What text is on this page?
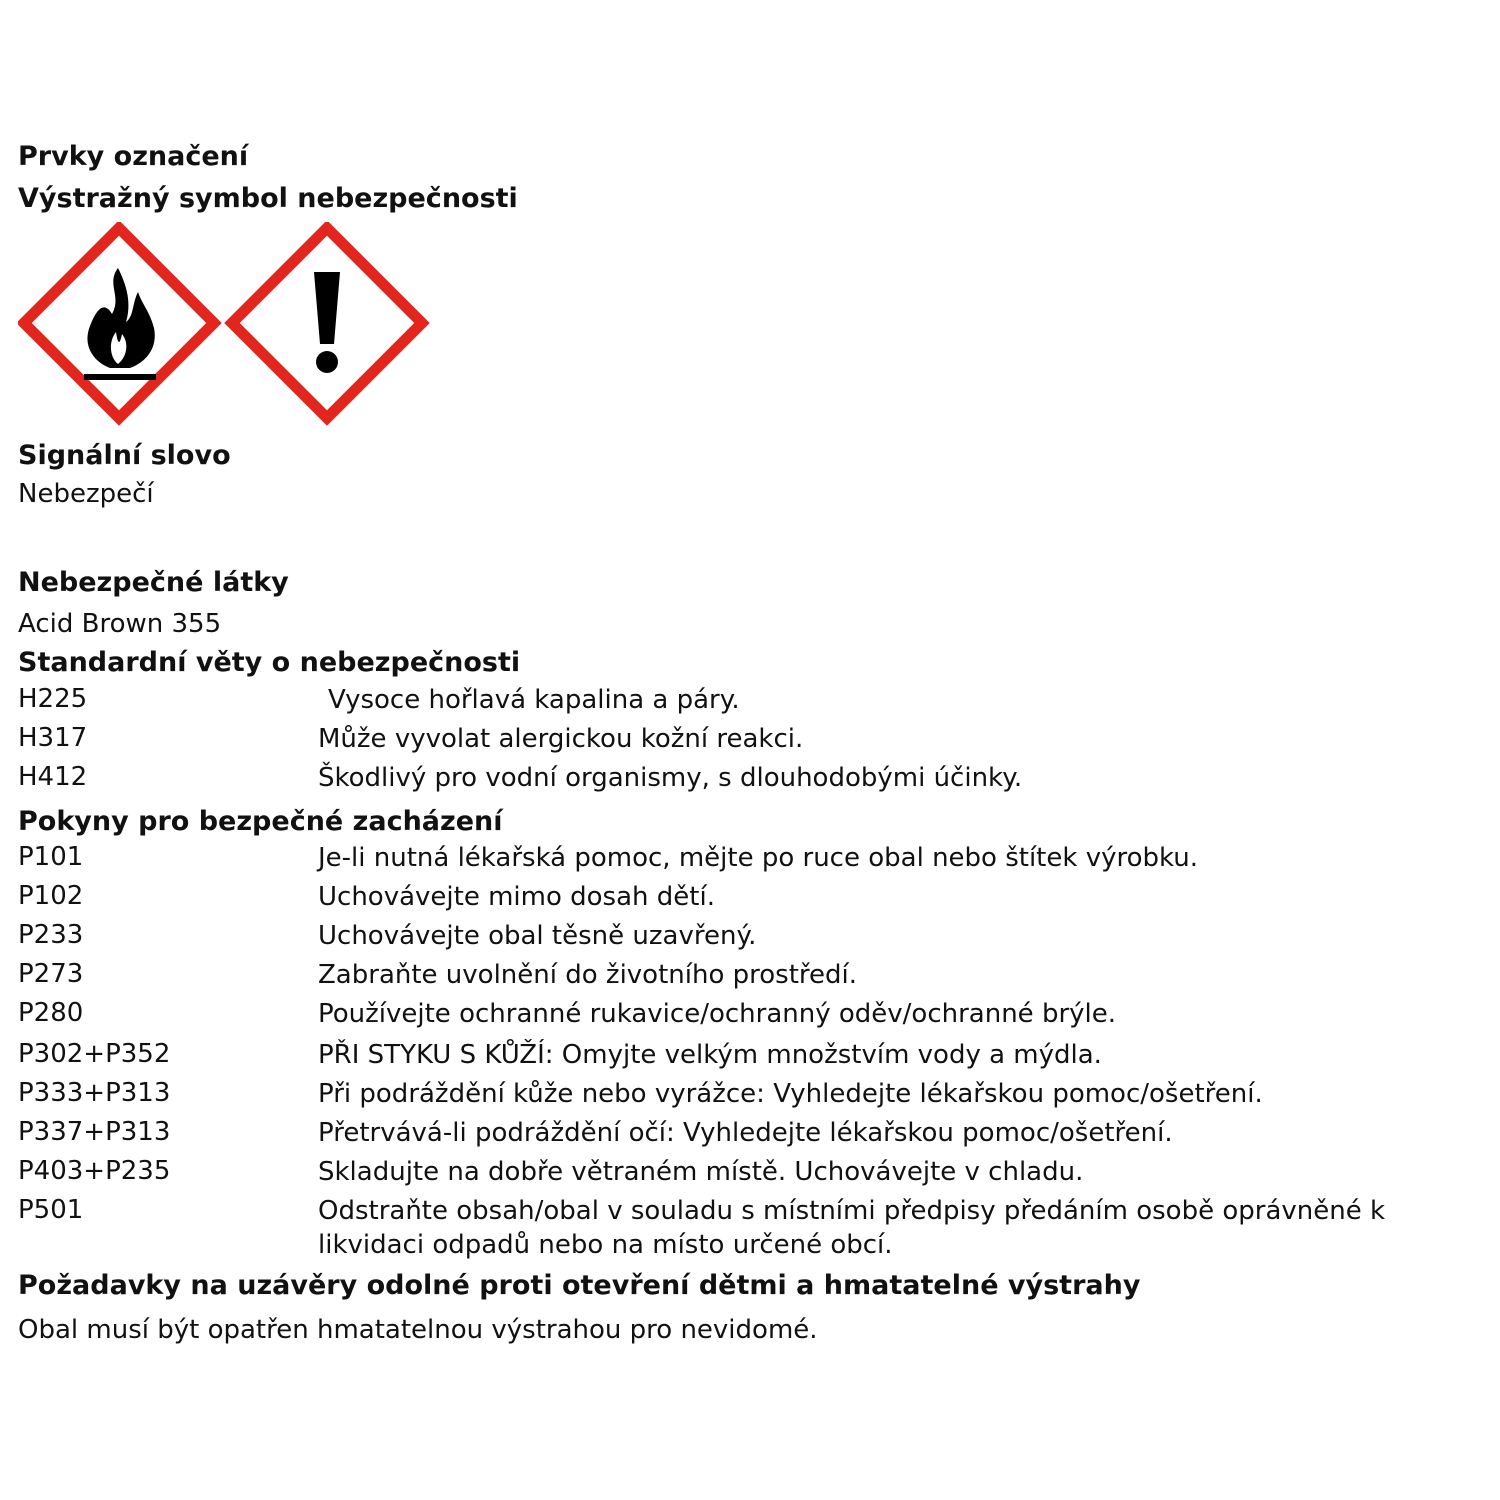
Prvky označení
Výstražný symbol nebezpečnosti
Signální slovo
Nebezpečí
Nebezpečné látky
Acid Brown 355
Standardní věty o nebezpečnosti
H225	Vysoce hořlavá kapalina a páry.
H317	Může vyvolat alergickou kožní reakci.
H412	Škodlivý pro vodní organismy, s dlouhodobými účinky.
Pokyny pro bezpečné zacházení
P101	Je-li nutná lékařská pomoc, mějte po ruce obal nebo štítek výrobku.
P102	Uchovávejte mimo dosah dětí.
P233	Uchovávejte obal těsně uzavřený.
P273	Zabraňte uvolnění do životního prostředí.
P280	Používejte ochranné rukavice/ochranný oděv/ochranné brýle.
P302+P352	PŘI STYKU S KŮŽÍ: Omyjte velkým množstvím vody a mýdla.
P333+P313	Při podráždění kůže nebo vyrážce: Vyhledejte lékařskou pomoc/ošetření.
P337+P313	Přetrvává-li podráždění očí: Vyhledejte lékařskou pomoc/ošetření.
P403+P235	Skladujte na dobře větraném místě. Uchovávejte v chladu.
P501	Odstraňte obsah/obal v souladu s místními předpisy předáním osobě oprávněné k likvidaci odpadů nebo na místo určené obcí.
Požadavky na uzávěry odolné proti otevření dětmi a hmatatelné výstrahy
Obal musí být opatřen hmatatelnou výstrahou pro nevidomé.
